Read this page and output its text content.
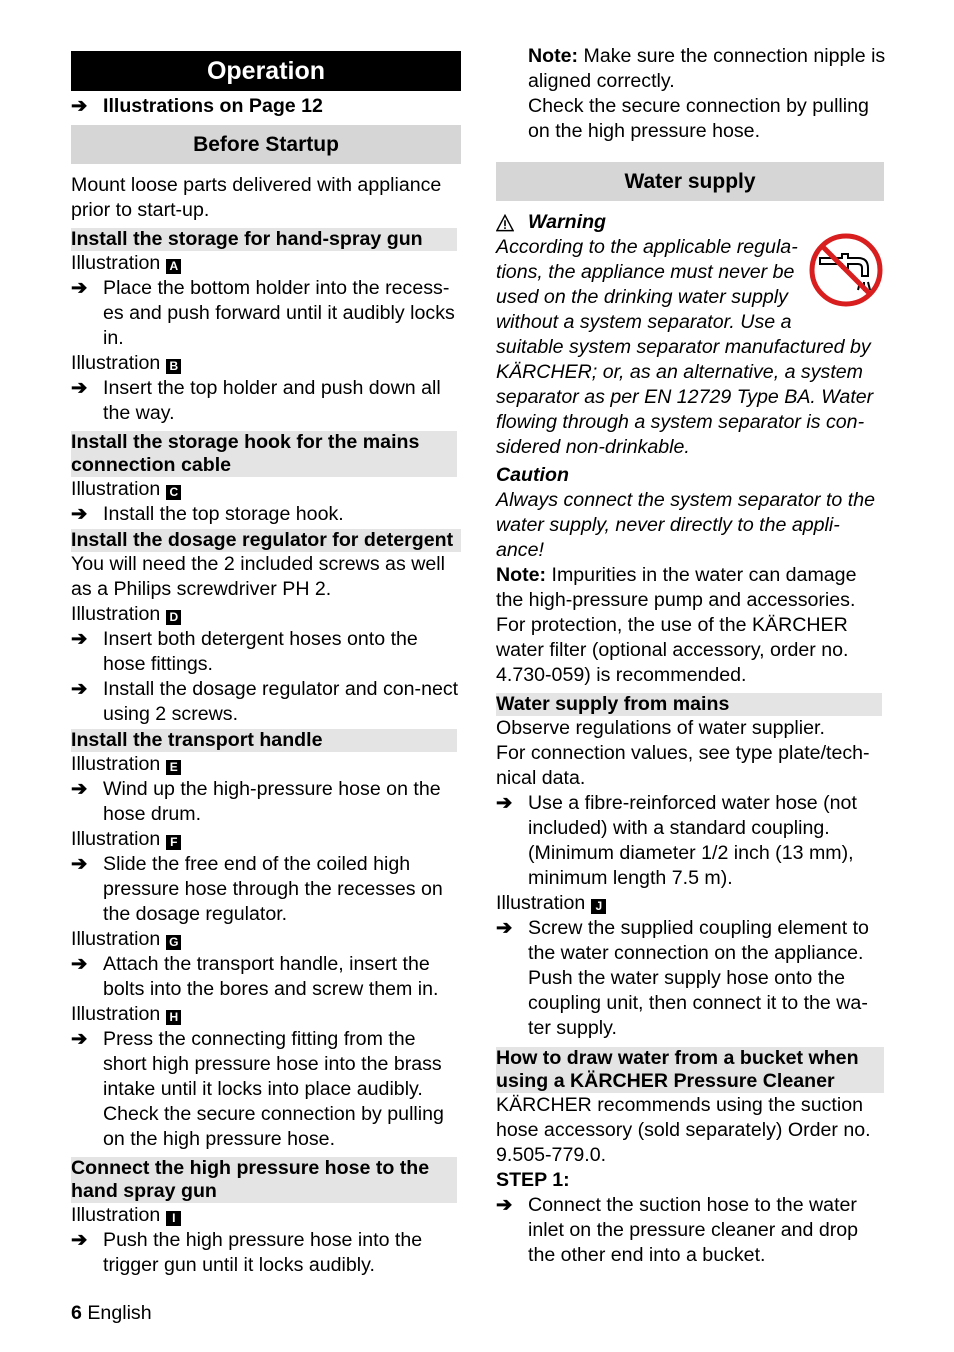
Operation
➔ Illustrations on Page 12
Before Startup

Mount loose parts delivered with appliance prior to start-up.

Install the storage for hand-spray gun

Illustration A

➔ Place the bottom holder into the recess-es and push forward until it audibly locks in.

Illustration B

➔ Insert the top holder and push down all the way.
Install the storage hook for the mains connection cable

Illustration C

➔ Install the top storage hook.
Install the dosage regulator for detergent

You will need the 2 included screws as well as a Philips screwdriver PH 2.

Illustration D

➔ Insert both detergent hoses onto the hose fittings.
➔ Install the dosage regulator and con-nect using 2 screws.
Install the transport handle

Illustration E

➔ Wind up the high-pressure hose on the hose drum.

Illustration F

➔ Slide the free end of the coiled high pressure hose through the recesses on the dosage regulator.

Illustration G

➔ Attach the transport handle, insert the bolts into the bores and screw them in.

Illustration H

➔ Press the connecting fitting from the short high pressure hose into the brass intake until it locks into place audibly.
Check the secure connection by pulling on the high pressure hose.
Connect the high pressure hose to the hand spray gun

Illustration I

➔ Push the high pressure hose into the trigger gun until it locks audibly.

Note: Make sure the connection nipple is aligned correctly.

Check the secure connection by pulling on the high pressure hose.

Water supply
Warning

According to the applicable regula-tions, the appliance must never be used on the drinking water supply without a system separator. Use a

suitable system separator manufactured by KÄRCHER; or, as an alternative, a system separator as per EN 12729 Type BA. Water flowing through a system separator is con-sidered non-drinkable.

Caution

Always connect the system separator to the water supply, never directly to the appli-ance!

Note: Impurities in the water can damage the high-pressure pump and accessories. For protection, the use of the KÄRCHER water filter (optional accessory, order no. 4.730-059) is recommended.

Water supply from mains

Observe regulations of water supplier.

For connection values, see type plate/tech-nical data.

➔ Use a fibre-reinforced water hose (not included) with a standard coupling. (Minimum diameter 1/2 inch (13 mm), minimum length 7.5 m).

Illustration J

➔ Screw the supplied coupling element to the water connection on the appliance. Push the water supply hose onto the coupling unit, then connect it to the wa-ter supply.
How to draw water from a bucket when using a KÄRCHER Pressure Cleaner

KÄRCHER recommends using the suction hose accessory (sold separately) Order no. 9.505-779.0.

STEP 1:

➔ Connect the suction hose to the water inlet on the pressure cleaner and drop the other end into a bucket.
6 English
